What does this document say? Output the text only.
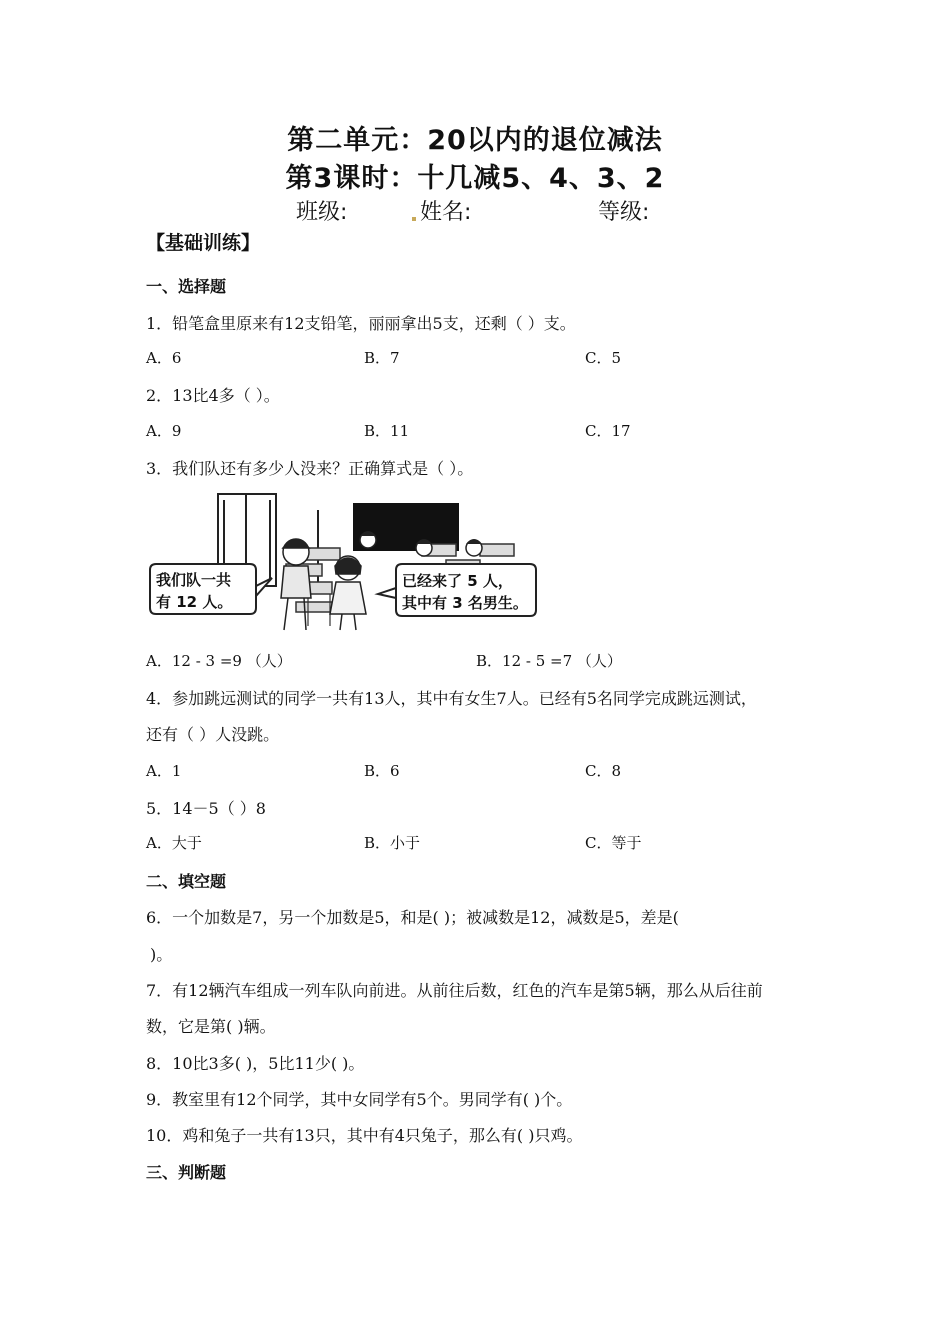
第二单元：20以内的退位减法
第3课时：十几减5、4、3、2
班级:	姓名:	等级:
【基础训练】
一、选择题
1．铅笔盒里原来有12支铅笔，丽丽拿出5支，还剩（ ）支。
A．6	B．7	C．5
2．13比4多（ ）。
A．9	B．11	C．17
3．我们队还有多少人没来？正确算式是（ ）。
我们队一共
有 12 人。
已经来了 5 人，
其中有 3 名男生。
A．12 - 3 =9 （人）	B．12 - 5 =7 （人）
4．参加跳远测试的同学一共有13人，其中有女生7人。已经有5名同学完成跳远测试，
还有（ ）人没跳。
A．1	B．6	C．8
5．14－5（ ）8
A．大于	B．小于	C．等于
二、填空题
6．一个加数是7，另一个加数是5，和是( )；被减数是12，减数是5，差是(
)。
7．有12辆汽车组成一列车队向前进。从前往后数，红色的汽车是第5辆，那么从后往前
数，它是第( )辆。
8．10比3多( )，5比11少( )。
9．教室里有12个同学，其中女同学有5个。男同学有( )个。
10．鸡和兔子一共有13只，其中有4只兔子，那么有( )只鸡。
三、判断题
